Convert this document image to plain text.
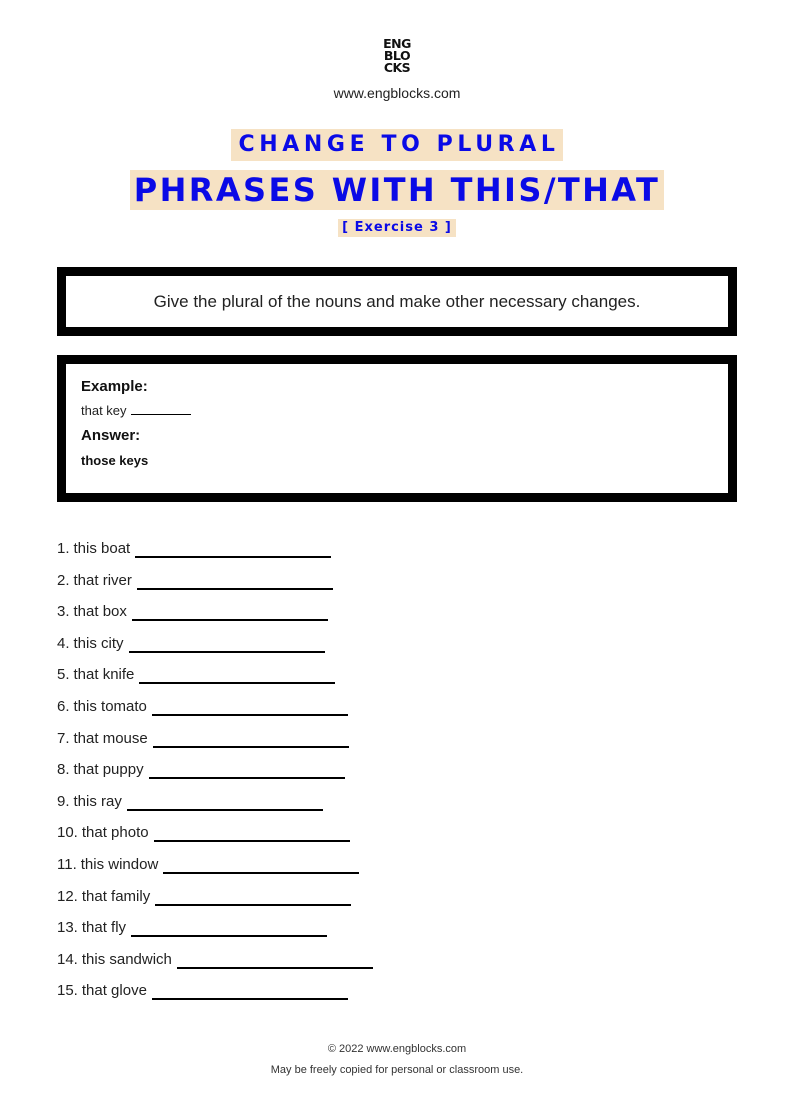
ENG
BLO
CKS
www.engblocks.com
CHANGE TO PLURAL
PHRASES WITH THIS/THAT
[ Exercise 3 ]
Give the plural of the nouns and make other necessary changes.
Example:
that key
Answer:
those keys
1. this boat
2. that river
3. that box
4. this city
5. that knife
6. this tomato
7. that mouse
8. that puppy
9. this ray
10. that photo
11. this window
12. that family
13. that fly
14. this sandwich
15. that glove
© 2022 www.engblocks.com
May be freely copied for personal or classroom use.
